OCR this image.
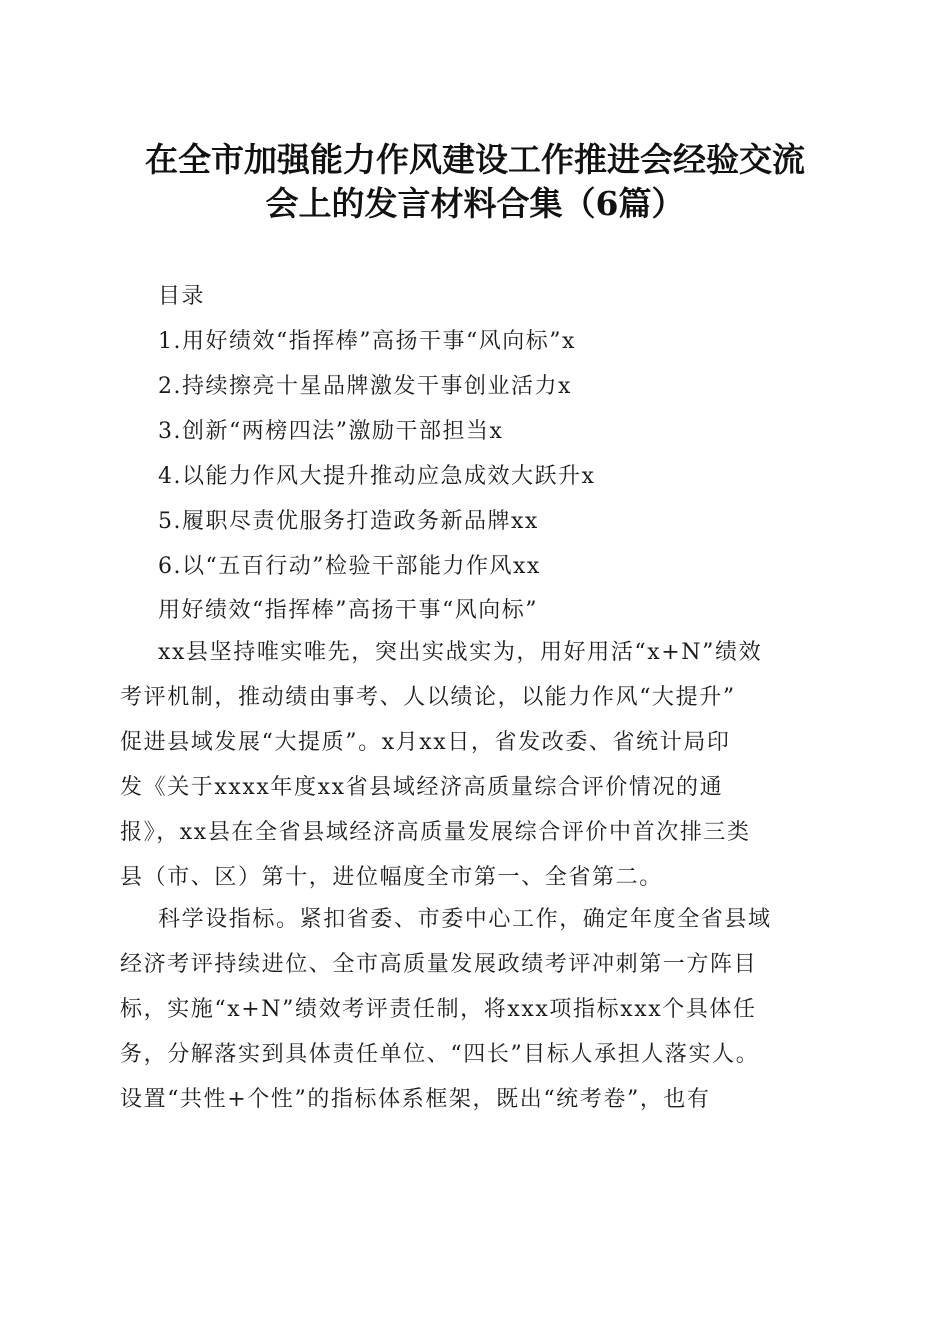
在全市加强能力作风建设工作推进会经验交流
会上的发言材料合集（6篇）
目录
1.用好绩效“指挥棒”高扬干事“风向标”x
2.持续擦亮十星品牌激发干事创业活力x
3.创新“两榜四法”激励干部担当x
4.以能力作风大提升推动应急成效大跃升x
5.履职尽责优服务打造政务新品牌xx
6.以“五百行动”检验干部能力作风xx
用好绩效“指挥棒”高扬干事“风向标”
xx县坚持唯实唯先，突出实战实为，用好用活“x+N”绩效
考评机制，推动绩由事考、人以绩论，以能力作风“大提升”
促进县域发展“大提质”。x月xx日，省发改委、省统计局印
发《关于xxxx年度xx省县域经济高质量综合评价情况的通
报》，xx县在全省县域经济高质量发展综合评价中首次排三类
县（市、区）第十，进位幅度全市第一、全省第二。
科学设指标。紧扣省委、市委中心工作，确定年度全省县域
经济考评持续进位、全市高质量发展政绩考评冲刺第一方阵目
标，实施“x+N”绩效考评责任制，将xxx项指标xxx个具体任
务，分解落实到具体责任单位、“四长”目标人承担人落实人。
设置“共性+个性”的指标体系框架，既出“统考卷”，也有
